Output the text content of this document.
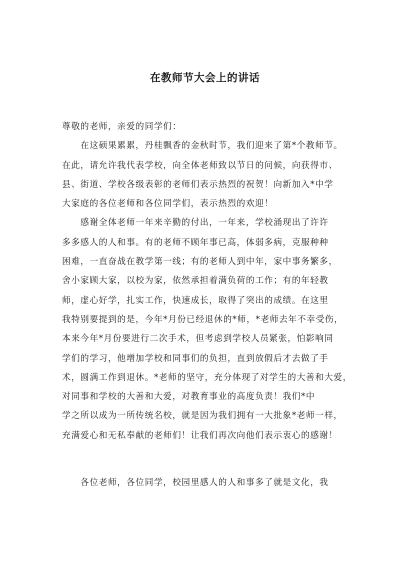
在教师节大会上的讲话
尊敬的老师，亲爱的同学们：
　　在这硕果累累，丹桂飘香的金秋时节，我们迎来了第*个教师节。
在此，请允许我代表学校，向全体老师致以节日的问候，向获得市、
县、街道、学校各级表彰的老师们表示热烈的祝贺！向新加入*中学
大家庭的各位老师和各位同学们，表示热烈的欢迎！
　　感谢全体老师一年来辛勤的付出，一年来，学校涌现出了许许
多多感人的人和事。有的老师不顾年事已高，体弱多病，克服种种
困难，一直奋战在教学第一线；有的老师人到中年，家中事务繁多，
舍小家顾大家，以校为家，依然承担着满负荷的工作；有的年轻教
师，虚心好学，扎实工作，快速成长，取得了突出的成绩。在这里
我特别要提到的是，今年*月份已经退休的*师，*老师去年不幸受伤，
本来今年*月份要进行二次手术，但考虑到学校人员紧张，怕影响同
学们的学习，他增加学校和同事们的负担，直到放假后才去做了手
术，圆满工作到退休。*老师的坚守，充分体现了对学生的大善和大爱，
对同事和学校的大善和大爱，对教育事业的高度负责！我们*中
学之所以成为一所传统名校，就是因为我们拥有一大批象*老师一样，
充满爱心和无私奉献的老师们！让我们再次向他们表示衷心的感谢！
　　各位老师，各位同学，校园里感人的人和事多了就是文化，我
